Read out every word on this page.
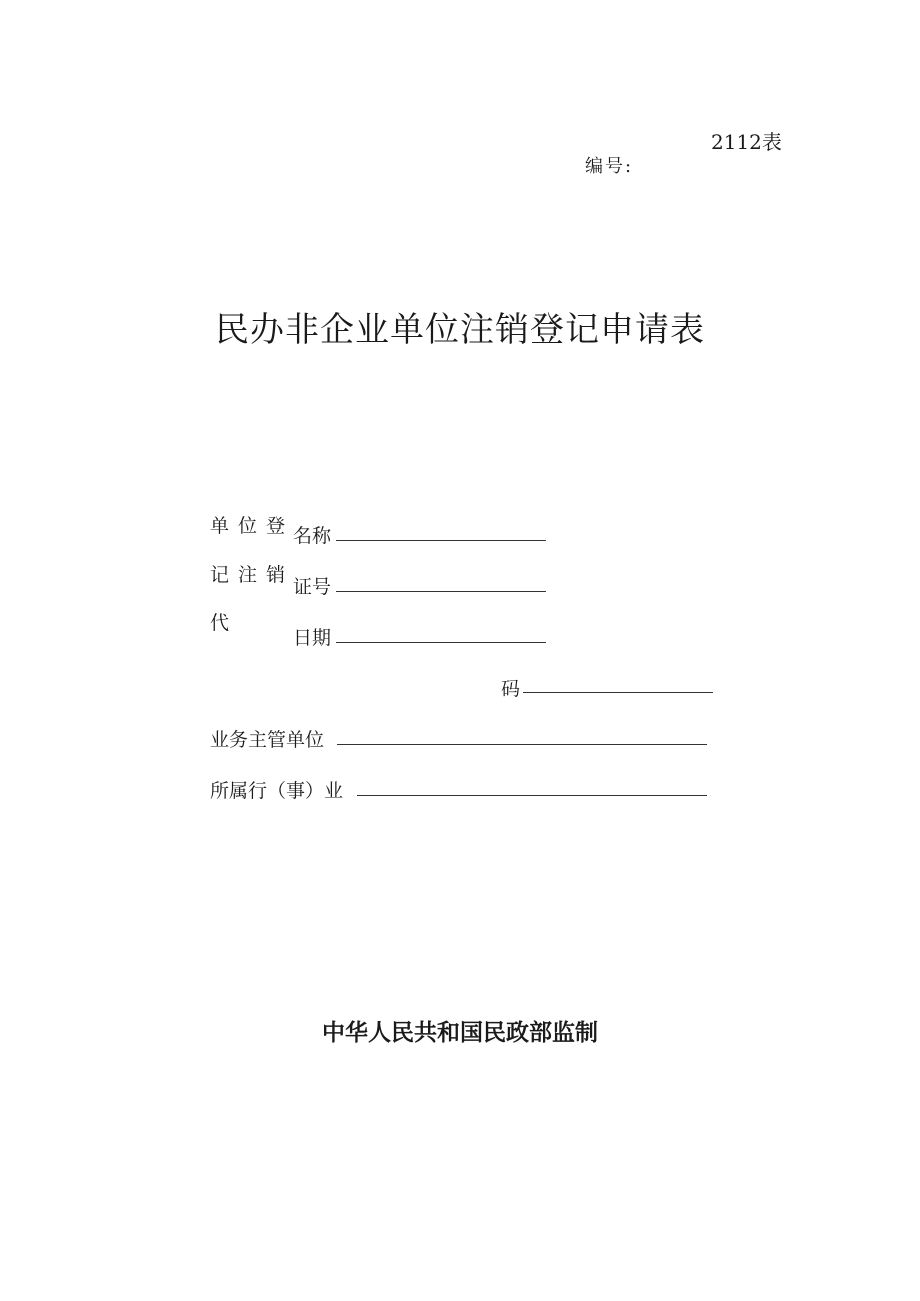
2112表
编号:
民办非企业单位注销登记申请表
单位登
记注销
代
名称
证号
日期
码
业务主管单位
所属行（事）业
中华人民共和国民政部监制
